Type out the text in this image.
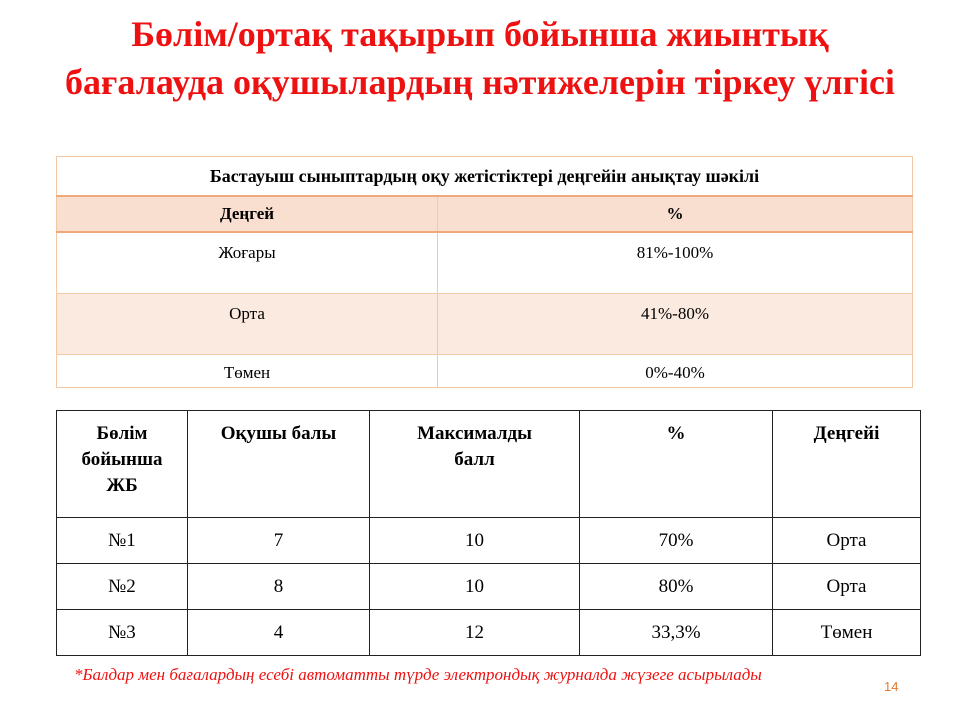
Бөлім/ортақ тақырып бойынша жиынтық бағалауда оқушылардың нәтижелерін тіркеу үлгісі
Бастауыш сыныптардың оқу жетістіктері деңгейін анықтау шәкілі	
Деңгей	%
Жоғары	81%-100%
Орта	41%-80%
Төмен	0%-40%
Бөлім бойынша ЖБ	Оқушы балы	Максималды балл	%	Деңгейі
№1	7	10	70%	Орта
№2	8	10	80%	Орта
№3	4	12	33,3%	Төмен
*Балдар мен бағалардың есебі автоматты түрде электрондық журналда жүзеге асырылады
14
